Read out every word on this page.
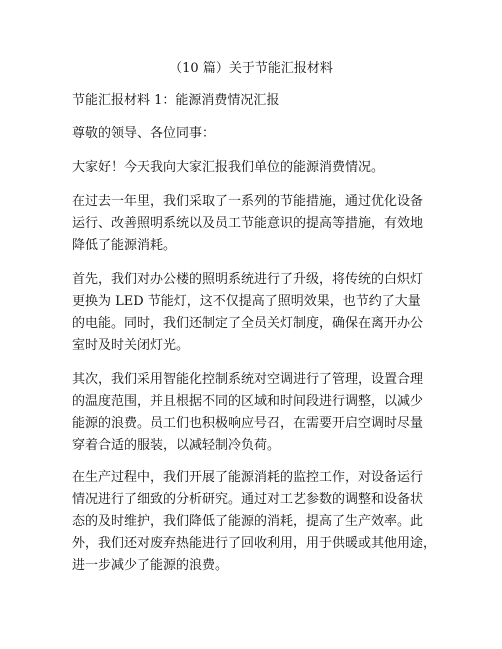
（10 篇）关于节能汇报材料

节能汇报材料 1：能源消费情况汇报

尊敬的领导、各位同事：

大家好！今天我向大家汇报我们单位的能源消费情况。

在过去一年里，我们采取了一系列的节能措施，通过优化设备
运行、改善照明系统以及员工节能意识的提高等措施，有效地
降低了能源消耗。
首先，我们对办公楼的照明系统进行了升级，将传统的白炽灯
更换为 LED 节能灯，这不仅提高了照明效果，也节约了大量
的电能。同时，我们还制定了全员关灯制度，确保在离开办公
室时及时关闭灯光。
其次，我们采用智能化控制系统对空调进行了管理，设置合理
的温度范围，并且根据不同的区域和时间段进行调整，以减少
能源的浪费。员工们也积极响应号召，在需要开启空调时尽量
穿着合适的服装，以减轻制冷负荷。
在生产过程中，我们开展了能源消耗的监控工作，对设备运行
情况进行了细致的分析研究。通过对工艺参数的调整和设备状
态的及时维护，我们降低了能源的消耗，提高了生产效率。此
外，我们还对废弃热能进行了回收利用，用于供暖或其他用途，
进一步减少了能源的浪费。
